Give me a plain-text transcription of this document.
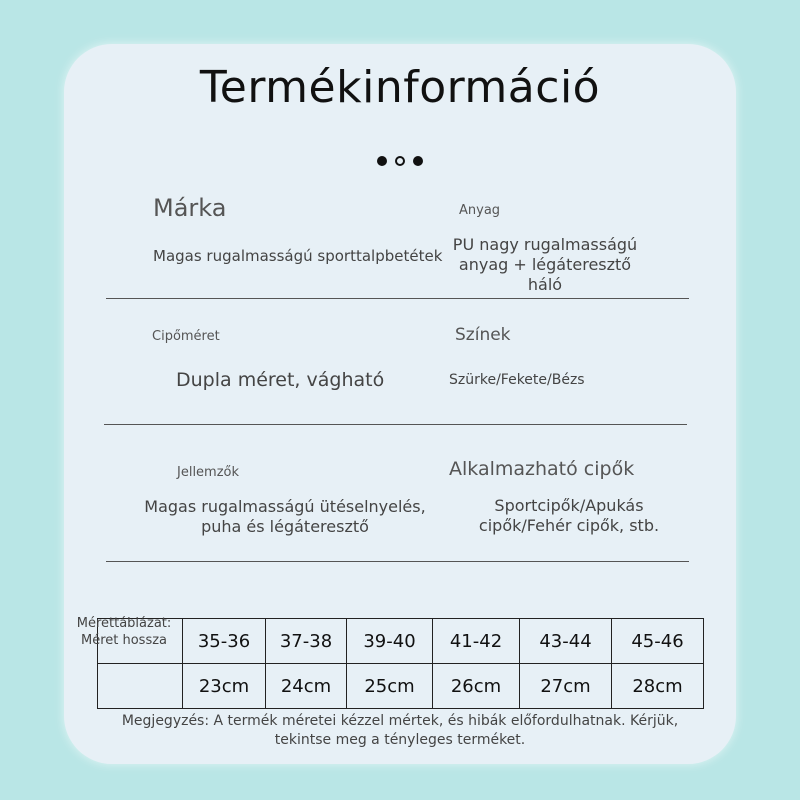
Termékinformáció
Márka
Magas rugalmasságú sporttalpbetétek
Anyag
PU nagy rugalmasságú
anyag + légáteresztő háló
Cipőméret
Dupla méret, vágható
Színek
Szürke/Fekete/Bézs
Jellemzők
Magas rugalmasságú ütéselnyelés,
puha és légáteresztő
Alkalmazható cipők
Sportcipők/Apukás
cipők/Fehér cipők, stb.
	35-36	37-38	39-40	41-42	43-44	45-46
	23cm	24cm	25cm	26cm	27cm	28cm
Mérettáblázat:
Méret hossza
Megjegyzés: A termék méretei kézzel mértek, és hibák előfordulhatnak. Kérjük,
tekintse meg a tényleges terméket.
